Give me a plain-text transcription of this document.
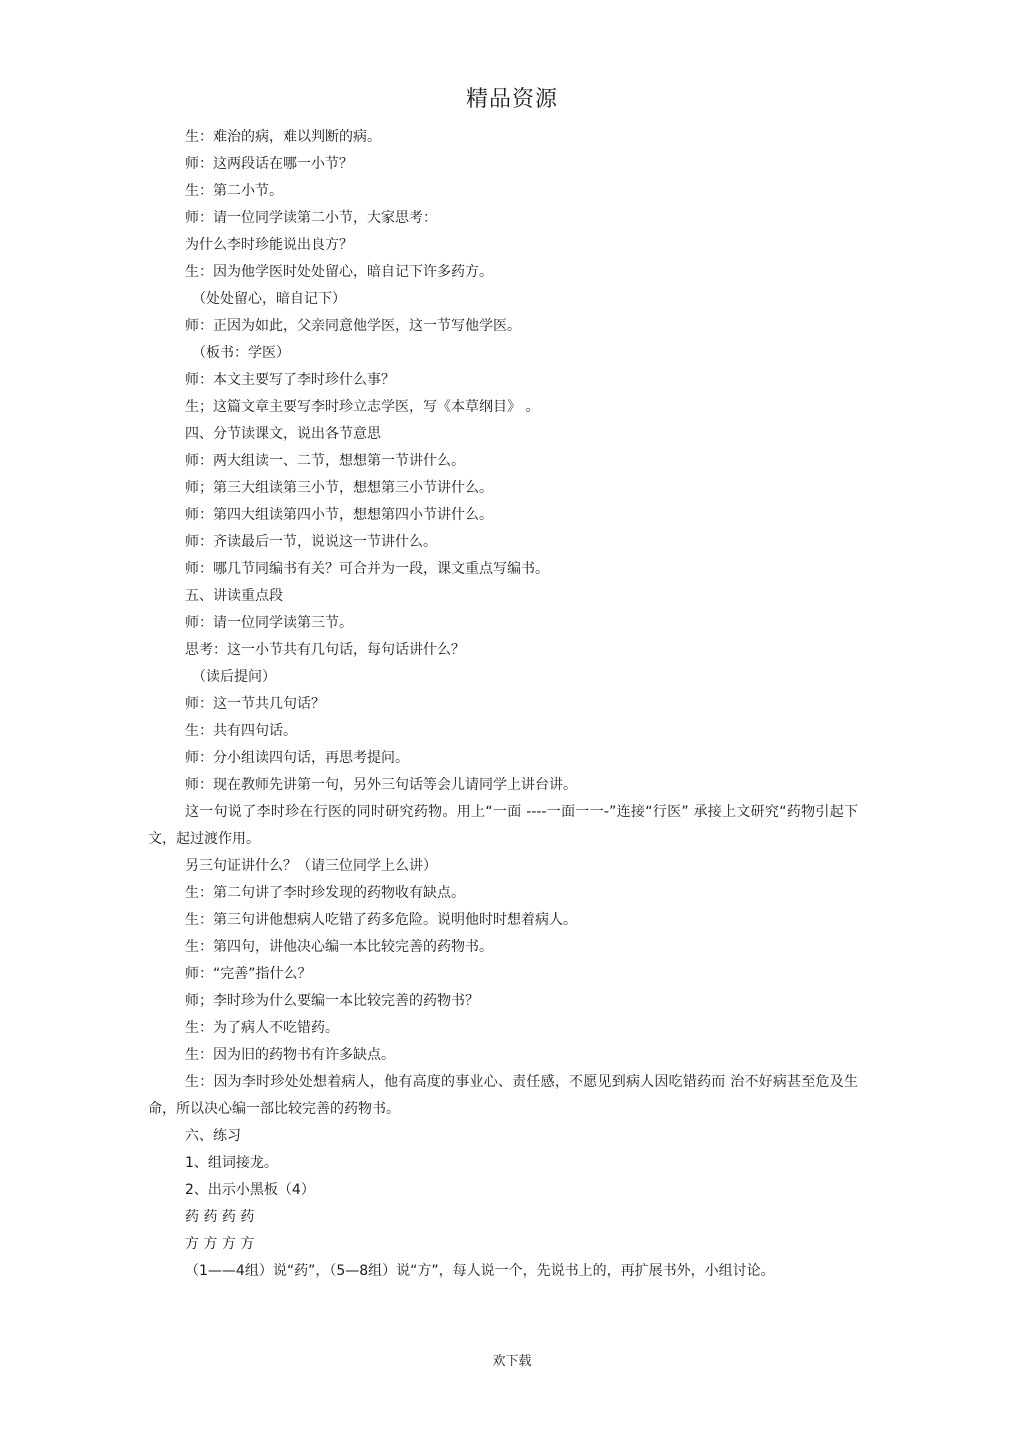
精品资源
生：难治的病，难以判断的病。
师：这两段话在哪一小节？
生：第二小节。
师：请一位同学读第二小节，大家思考：
为什么李时珍能说出良方？
生：因为他学医时处处留心，暗自记下许多药方。
（处处留心，暗自记下）
师：正因为如此，父亲同意他学医，这一节写他学医。
（板书：学医）
师：本文主要写了李时珍什么事？
生；这篇文章主要写李时珍立志学医，写《本草纲目》 。
四、分节读课文，说出各节意思
师：两大组读一、二节，想想第一节讲什么。
师；第三大组读第三小节，想想第三小节讲什么。
师：第四大组读第四小节，想想第四小节讲什么。
师：齐读最后一节，说说这一节讲什么。
师：哪几节同编书有关？可合并为一段，课文重点写编书。
五、讲读重点段
师：请一位同学读第三节。
思考：这一小节共有几句话，每句话讲什么？
（读后提问）
师：这一节共几句话？
生：共有四句话。
师：分小组读四句话，再思考提问。
师：现在教师先讲第一句，另外三句话等会儿请同学上讲台讲。
这一句说了李时珍在行医的同时研究药物。用上“一面 ----一面一一-”连接“行医” 承接上文研究“药物引起下文，起过渡作用。
另三句证讲什么？（请三位同学上么讲）
生：第二句讲了李时珍发现的药物收有缺点。
生：第三句讲他想病人吃错了药多危险。说明他时时想着病人。
生：第四句，讲他决心编一本比较完善的药物书。
师：“完善”指什么？
师；李时珍为什么要编一本比较完善的药物书？
生：为了病人不吃错药。
生：因为旧的药物书有许多缺点。
生：因为李时珍处处想着病人，他有高度的事业心、责任感，不愿见到病人因吃错药而 治不好病甚至危及生命，所以决心编一部比较完善的药物书。
六、练习
1、组词接龙。
2、出示小黑板（4）
药 药 药 药
方 方 方 方
（1——4组）说“药”，（5—8组）说“方”，每人说一个，先说书上的，再扩展书外，小组讨论。
欢下载
